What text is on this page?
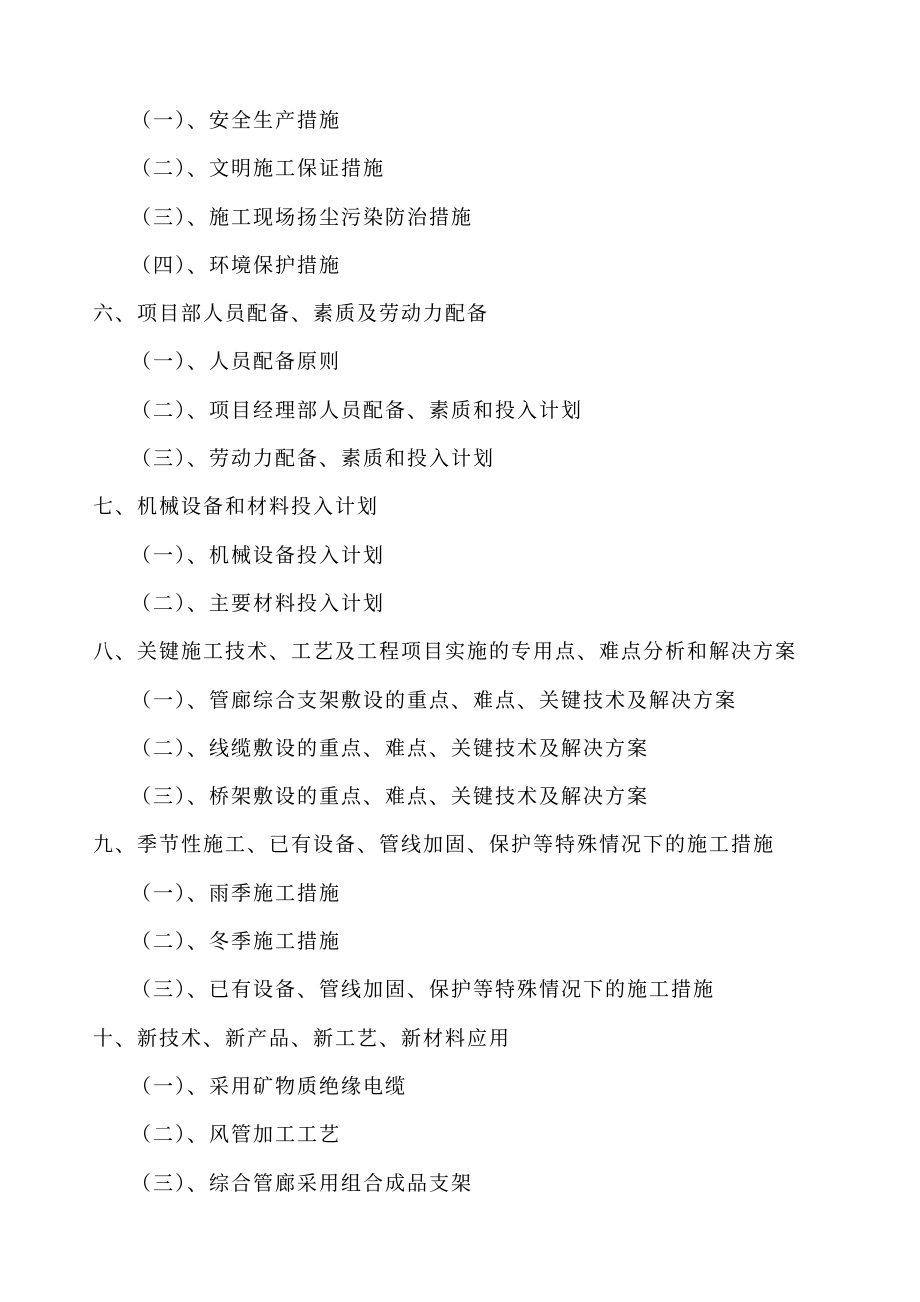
（一）、安全生产措施
（二）、文明施工保证措施
（三）、施工现场扬尘污染防治措施
（四）、环境保护措施
六、项目部人员配备、素质及劳动力配备
（一）、人员配备原则
（二）、项目经理部人员配备、素质和投入计划
（三）、劳动力配备、素质和投入计划
七、机械设备和材料投入计划
（一）、机械设备投入计划
（二）、主要材料投入计划
八、关键施工技术、工艺及工程项目实施的专用点、难点分析和解决方案
（一）、管廊综合支架敷设的重点、难点、关键技术及解决方案
（二）、线缆敷设的重点、难点、关键技术及解决方案
（三）、桥架敷设的重点、难点、关键技术及解决方案
九、季节性施工、已有设备、管线加固、保护等特殊情况下的施工措施
（一）、雨季施工措施
（二）、冬季施工措施
（三）、已有设备、管线加固、保护等特殊情况下的施工措施
十、新技术、新产品、新工艺、新材料应用
（一）、采用矿物质绝缘电缆
（二）、风管加工工艺
（三）、综合管廊采用组合成品支架
